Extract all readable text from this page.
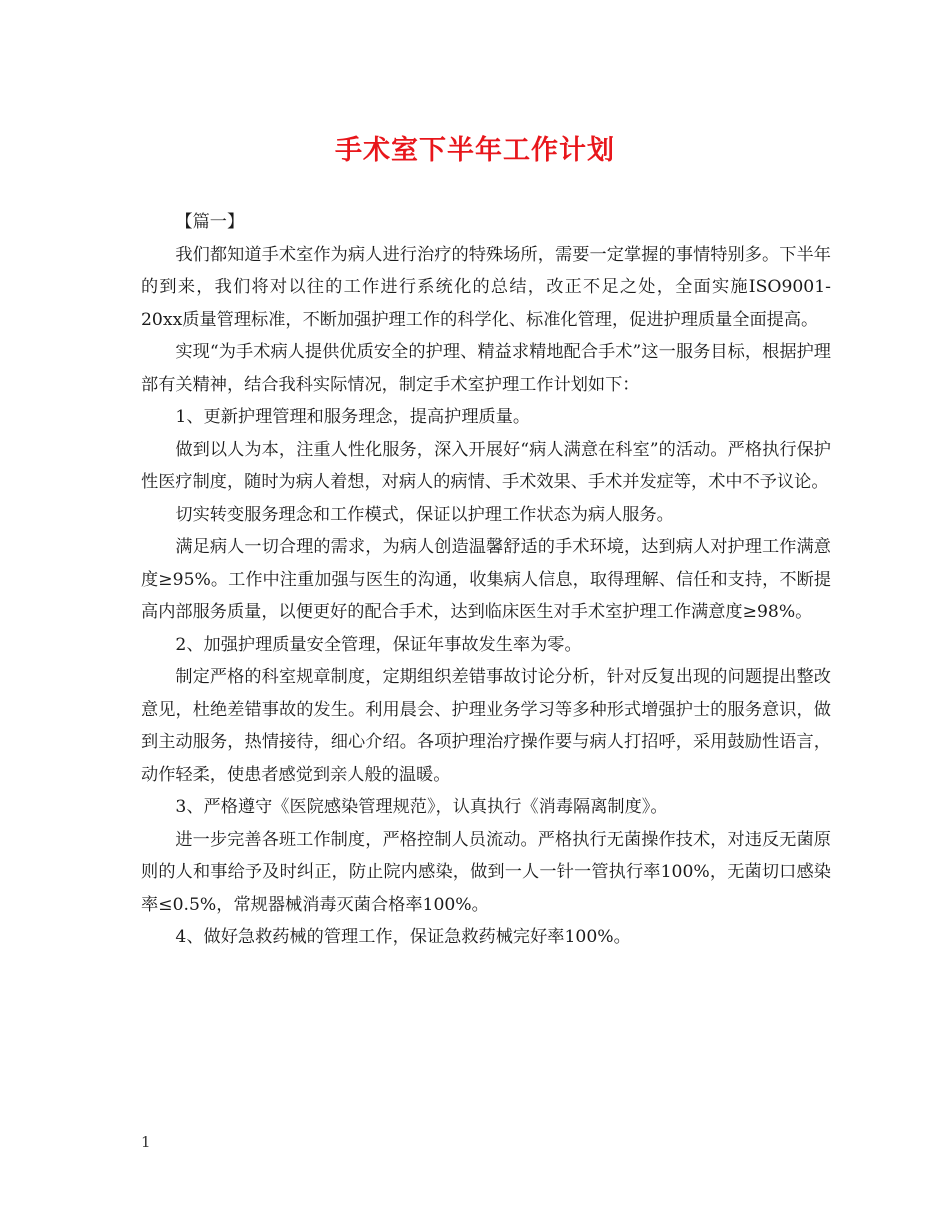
手术室下半年工作计划

【篇一】

我们都知道手术室作为病人进行治疗的特殊场所，需要一定掌握的事情特别多。下半年的到来，我们将对以往的工作进行系统化的总结，改正不足之处，全面实施ISO9001-20xx质量管理标准，不断加强护理工作的科学化、标准化管理，促进护理质量全面提高。

实现“为手术病人提供优质安全的护理、精益求精地配合手术”这一服务目标，根据护理部有关精神，结合我科实际情况，制定手术室护理工作计划如下：

1、更新护理管理和服务理念，提高护理质量。

做到以人为本，注重人性化服务，深入开展好“病人满意在科室”的活动。严格执行保护性医疗制度，随时为病人着想，对病人的病情、手术效果、手术并发症等，术中不予议论。

切实转变服务理念和工作模式，保证以护理工作状态为病人服务。

满足病人一切合理的需求，为病人创造温馨舒适的手术环境，达到病人对护理工作满意度≥95%。工作中注重加强与医生的沟通，收集病人信息，取得理解、信任和支持，不断提高内部服务质量，以便更好的配合手术，达到临床医生对手术室护理工作满意度≥98%。

2、加强护理质量安全管理，保证年事故发生率为零。

制定严格的科室规章制度，定期组织差错事故讨论分析，针对反复出现的问题提出整改意见，杜绝差错事故的发生。利用晨会、护理业务学习等多种形式增强护士的服务意识，做到主动服务，热情接待，细心介绍。各项护理治疗操作要与病人打招呼，采用鼓励性语言，动作轻柔，使患者感觉到亲人般的温暖。

3、严格遵守《医院感染管理规范》，认真执行《消毒隔离制度》。

进一步完善各班工作制度，严格控制人员流动。严格执行无菌操作技术，对违反无菌原则的人和事给予及时纠正，防止院内感染，做到一人一针一管执行率100%，无菌切口感染率≤0.5%，常规器械消毒灭菌合格率100%。

4、做好急救药械的管理工作，保证急救药械完好率100%。

1
